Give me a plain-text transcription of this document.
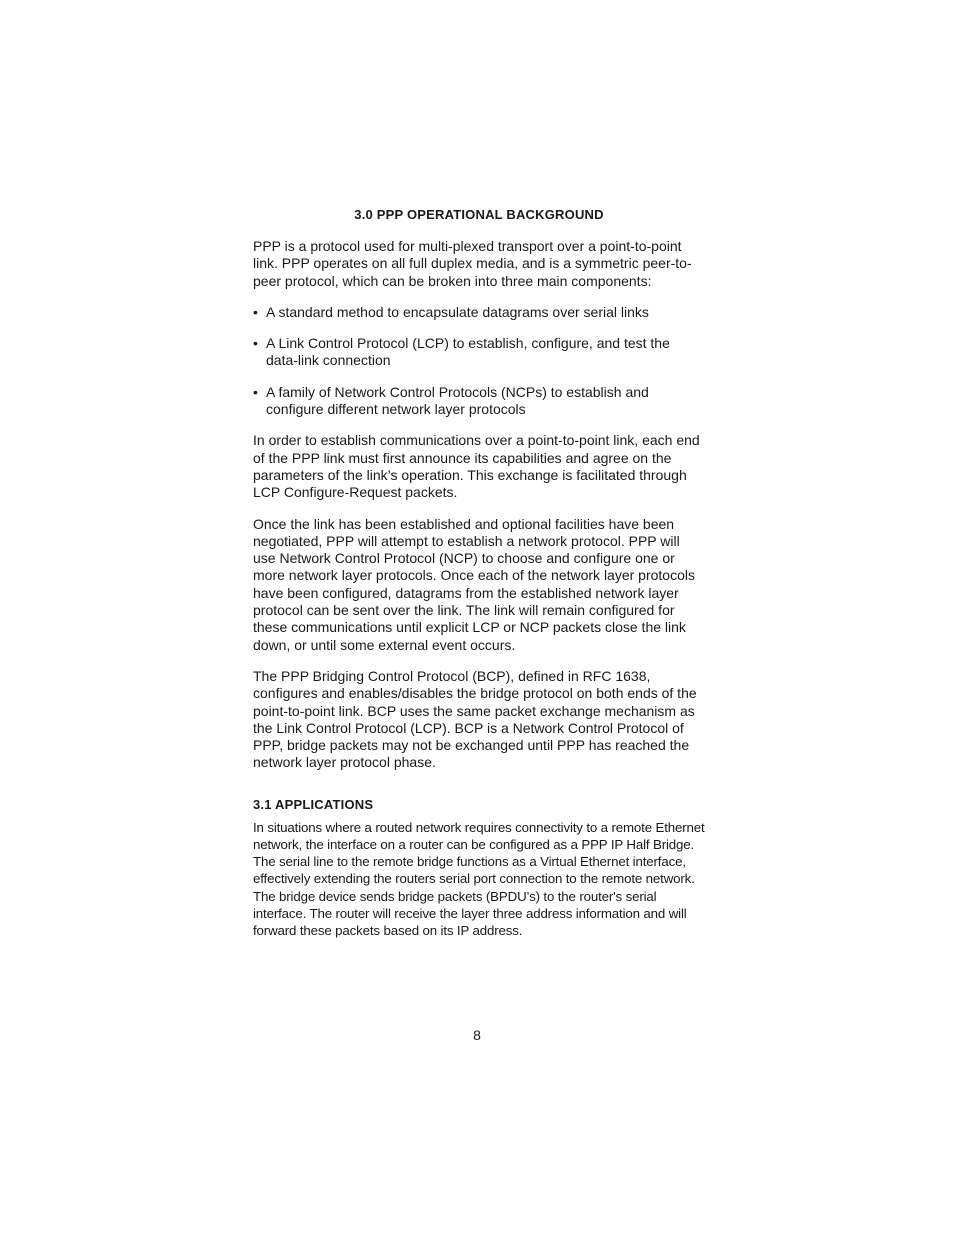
3.0 PPP OPERATIONAL BACKGROUND

PPP is a protocol used for multi-plexed transport over a point-to-point link. PPP operates on all full duplex media, and is a symmetric peer-to-peer protocol, which can be broken into three main components:

• A standard method to encapsulate datagrams over serial links
• A Link Control Protocol (LCP) to establish, configure, and test the data-link connection
• A family of Network Control Protocols (NCPs) to establish and configure different network layer protocols

In order to establish communications over a point-to-point link, each end of the PPP link must first announce its capabilities and agree on the parameters of the link’s operation. This exchange is facilitated through LCP Configure-Request packets.

Once the link has been established and optional facilities have been negotiated, PPP will attempt to establish a network protocol. PPP will use Network Control Protocol (NCP) to choose and configure one or more network layer protocols. Once each of the network layer protocols have been configured, datagrams from the established network layer protocol can be sent over the link. The link will remain configured for these communications until explicit LCP or NCP packets close the link down, or until some external event occurs.

The PPP Bridging Control Protocol (BCP), defined in RFC 1638, configures and enables/disables the bridge protocol on both ends of the point-to-point link. BCP uses the same packet exchange mechanism as the Link Control Protocol (LCP). BCP is a Network Control Protocol of PPP, bridge packets may not be exchanged until PPP has reached the network layer protocol phase.

3.1 APPLICATIONS

In situations where a routed network requires connectivity to a remote Ethernet network, the interface on a router can be configured as a PPP IP Half Bridge. The serial line to the remote bridge functions as a Virtual Ethernet interface, effectively extending the routers serial port connection to the remote network. The bridge device sends bridge packets (BPDU’s) to the router's serial interface. The router will receive the layer three address information and will forward these packets based on its IP address.

8
